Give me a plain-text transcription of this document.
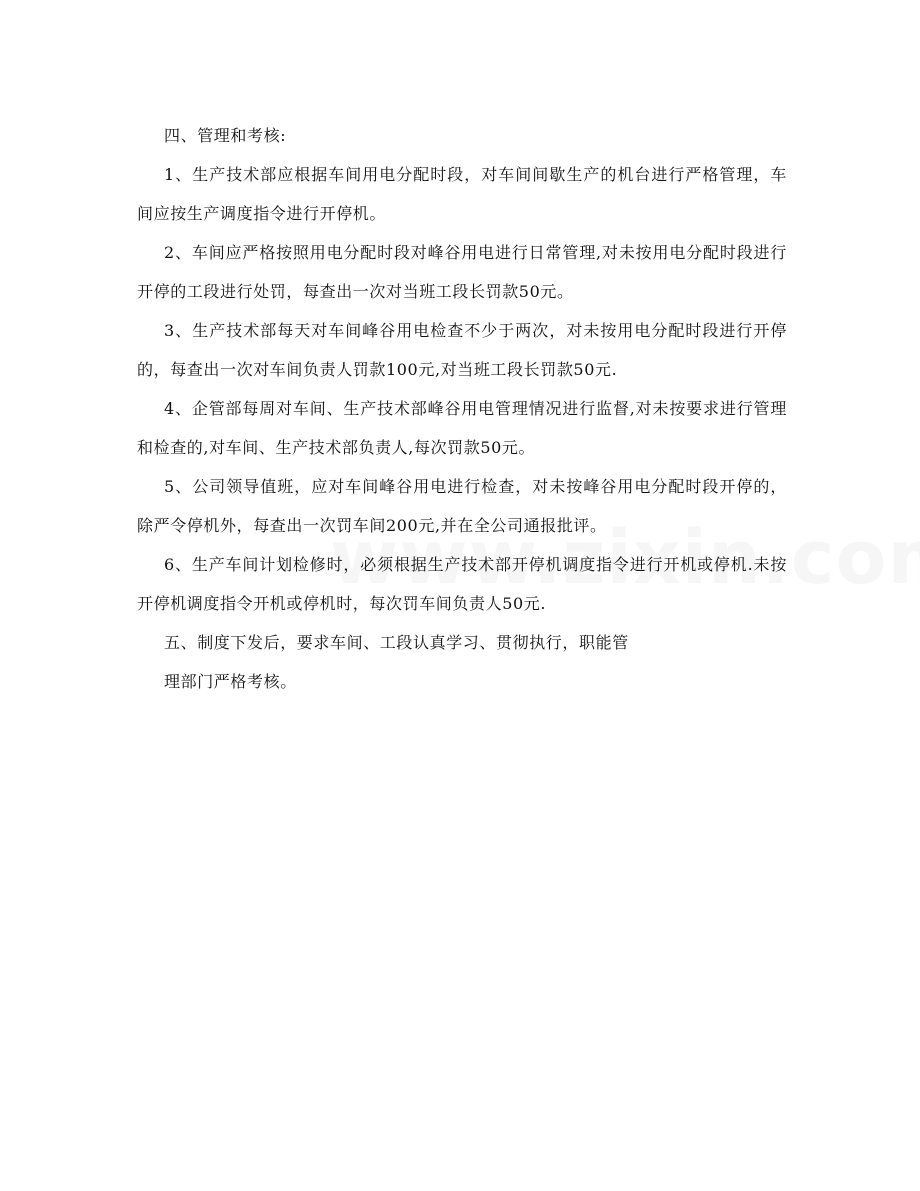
四、管理和考核:

1、生产技术部应根据车间用电分配时段，对车间间歇生产的机台进行严格管理，车间应按生产调度指令进行开停机。

2、车间应严格按照用电分配时段对峰谷用电进行日常管理,对未按用电分配时段进行开停的工段进行处罚，每查出一次对当班工段长罚款50元。

3、生产技术部每天对车间峰谷用电检查不少于两次，对未按用电分配时段进行开停的，每查出一次对车间负责人罚款100元,对当班工段长罚款50元.

4、企管部每周对车间、生产技术部峰谷用电管理情况进行监督,对未按要求进行管理和检查的,对车间、生产技术部负责人,每次罚款50元。

5、公司领导值班，应对车间峰谷用电进行检查，对未按峰谷用电分配时段开停的，除严令停机外，每查出一次罚车间200元,并在全公司通报批评。

6、生产车间计划检修时，必须根据生产技术部开停机调度指令进行开机或停机.未按开停机调度指令开机或停机时，每次罚车间负责人50元.

五、制度下发后，要求车间、工段认真学习、贯彻执行，职能管

理部门严格考核。
